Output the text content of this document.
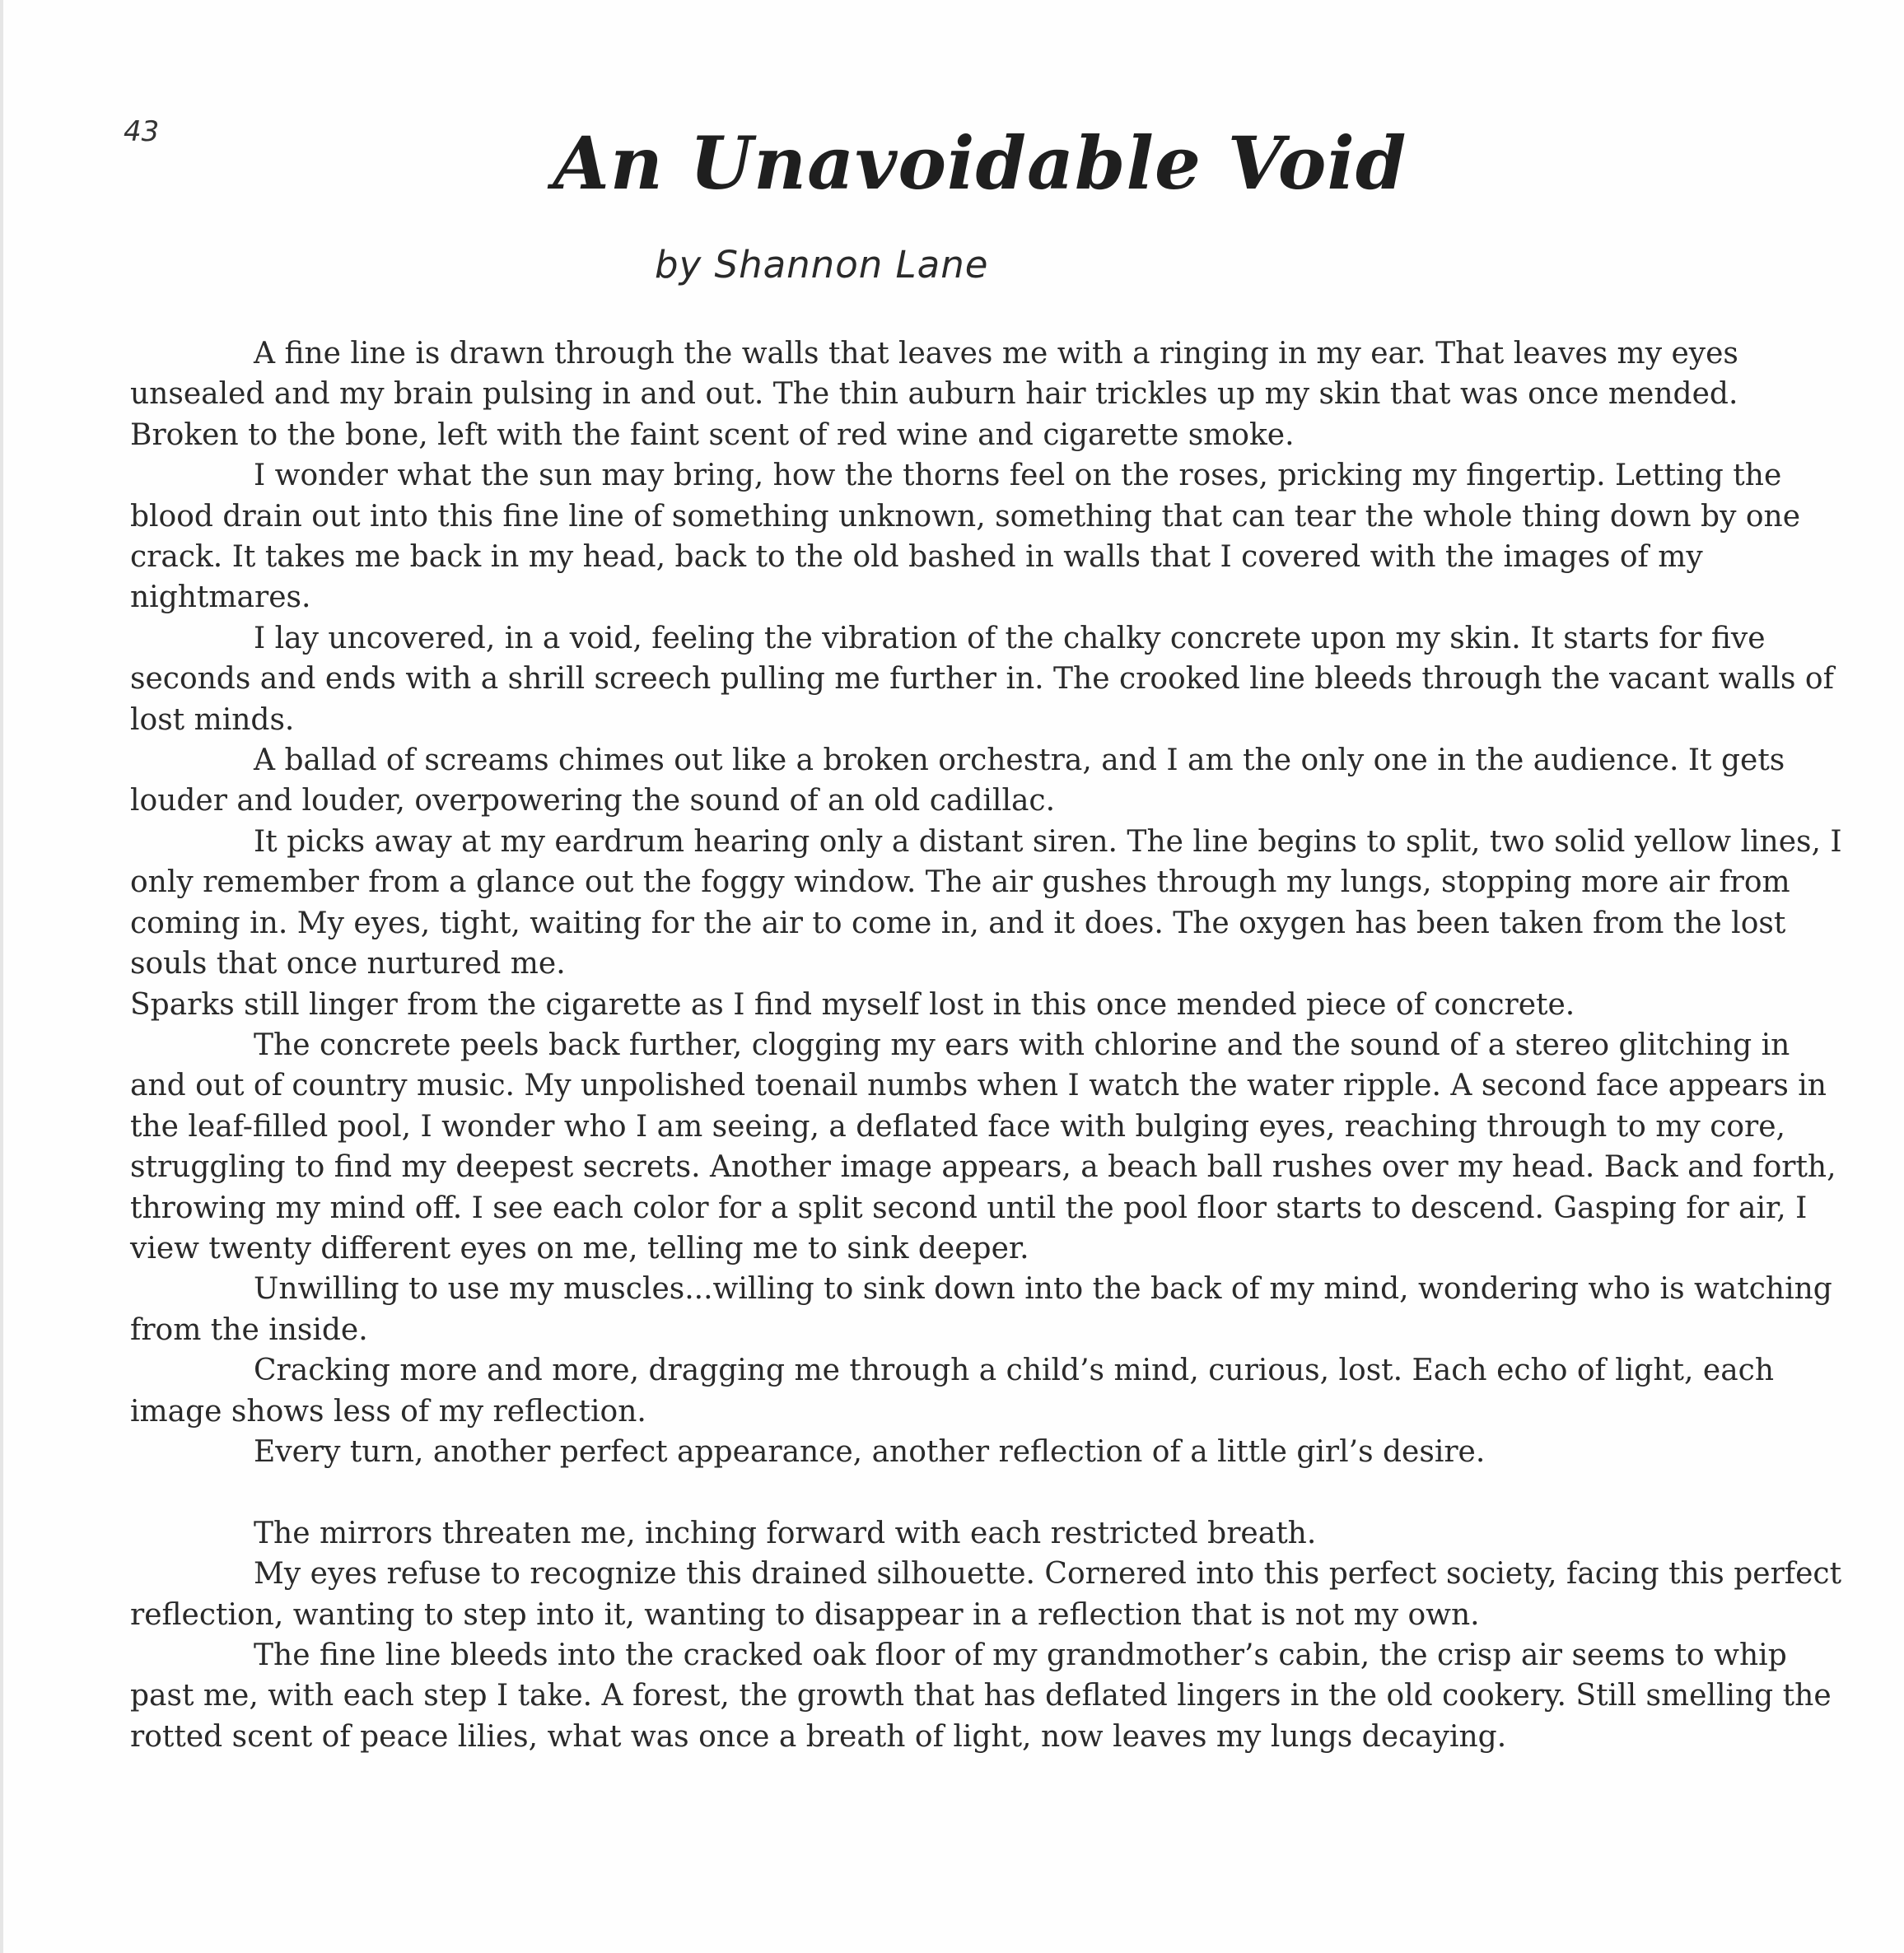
43	An Unavoidable Void

by Shannon Lane

A fine line is drawn through the walls that leaves me with a ringing in my ear. That leaves my eyes unsealed and my brain pulsing in and out. The thin auburn hair trickles up my skin that was once mended. Broken to the bone, left with the faint scent of red wine and cigarette smoke.

I wonder what the sun may bring, how the thorns feel on the roses, pricking my fingertip. Letting the blood drain out into this fine line of something unknown, something that can tear the whole thing down by one crack. It takes me back in my head, back to the old bashed in walls that I covered with the images of my nightmares.

I lay uncovered, in a void, feeling the vibration of the chalky concrete upon my skin. It starts for five seconds and ends with a shrill screech pulling me further in. The crooked line bleeds through the vacant walls of lost minds.

A ballad of screams chimes out like a broken orchestra, and I am the only one in the audience. It gets louder and louder, overpowering the sound of an old cadillac.

It picks away at my eardrum hearing only a distant siren. The line begins to split, two solid yellow lines, I only remember from a glance out the foggy window. The air gushes through my lungs, stopping more air from coming in. My eyes, tight, waiting for the air to come in, and it does. The oxygen has been taken from the lost souls that once nurtured me.

Sparks still linger from the cigarette as I find myself lost in this once mended piece of concrete.

The concrete peels back further, clogging my ears with chlorine and the sound of a stereo glitching in and out of country music. My unpolished toenail numbs when I watch the water ripple. A second face appears in the leaf-filled pool, I wonder who I am seeing, a deflated face with bulging eyes, reaching through to my core, struggling to find my deepest secrets. Another image appears, a beach ball rushes over my head. Back and forth, throwing my mind off. I see each color for a split second until the pool floor starts to descend. Gasping for air, I view twenty different eyes on me, telling me to sink deeper.

Unwilling to use my muscles...willing to sink down into the back of my mind, wondering who is watching from the inside.

Cracking more and more, dragging me through a child’s mind, curious, lost. Each echo of light, each image shows less of my reflection.

Every turn, another perfect appearance, another reflection of a little girl’s desire.

The mirrors threaten me, inching forward with each restricted breath.

My eyes refuse to recognize this drained silhouette. Cornered into this perfect society, facing this perfect reflection, wanting to step into it, wanting to disappear in a reflection that is not my own.

The fine line bleeds into the cracked oak floor of my grandmother’s cabin, the crisp air seems to whip past me, with each step I take. A forest, the growth that has deflated lingers in the old cookery. Still smelling the rotted scent of peace lilies, what was once a breath of light, now leaves my lungs decaying.
